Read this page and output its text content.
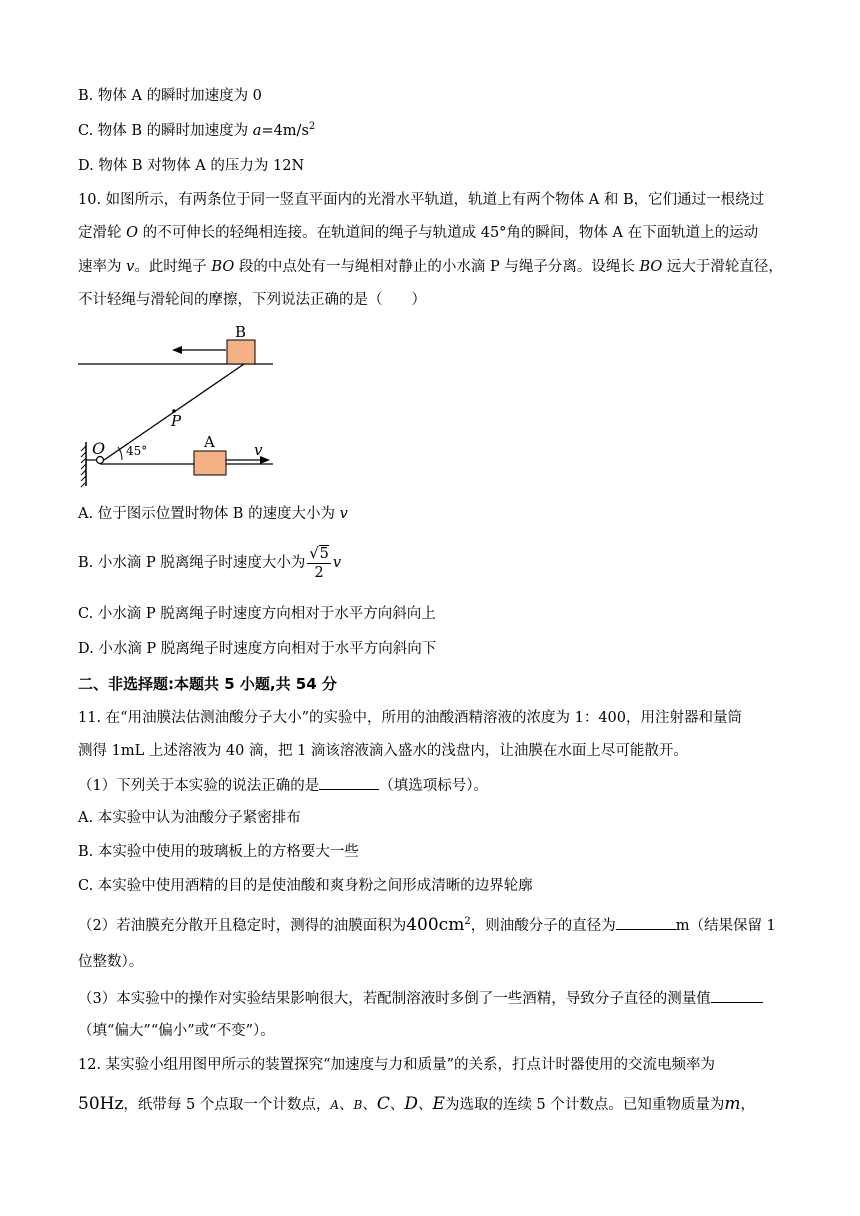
B. 物体 A 的瞬时加速度为 0
C. 物体 B 的瞬时加速度为 $a=4m/s^2$
D. 物体 B 对物体 A 的压力为 12N
10. 如图所示，有两条位于同一竖直平面内的光滑水平轨道，轨道上有两个物体 A 和 B，它们通过一根绕过
定滑轮 O 的不可伸长的轻绳相连接。在轨道间的绳子与轨道成 45°角的瞬间，物体 A 在下面轨道上的运动
速率为 v。此时绳子 BO 段的中点处有一与绳相对静止的小水滴 P 与绳子分离。设绳长 BO 远大于滑轮直径，
不计轻绳与滑轮间的摩擦，下列说法正确的是（　　）
B
P
O 45°	A	v
A. 位于图示位置时物体 B 的速度大小为 v
B. 小水滴 P 脱离绳子时速度大小为 $\frac{√5}{2}$ v
C. 小水滴 P 脱离绳子时速度方向相对于水平方向斜向上
D. 小水滴 P 脱离绳子时速度方向相对于水平方向斜向下
二、非选择题:本题共 5 小题,共 54 分
11. 在“用油膜法估测油酸分子大小”的实验中，所用的油酸酒精溶液的浓度为 1：400，用注射器和量筒
测得 1mL 上述溶液为 40 滴，把 1 滴该溶液滴入盛水的浅盘内，让油膜在水面上尽可能散开。
（1）下列关于本实验的说法正确的是	（填选项标号）。
A. 本实验中认为油酸分子紧密排布
B. 本实验中使用的玻璃板上的方格要大一些
C. 本实验中使用酒精的目的是使油酸和爽身粉之间形成清晰的边界轮廓
（2）若油膜充分散开且稳定时，测得的油膜面积为$400cm^2$，则油酸分子的直径为	m（结果保留 1
位整数）。
（3）本实验中的操作对实验结果影响很大，若配制溶液时多倒了一些酒精，导致分子直径的测量值
（填“偏大”“偏小”或“不变”）。
12. 某实验小组用图甲所示的装置探究“加速度与力和质量”的关系，打点计时器使用的交流电频率为
50Hz，纸带每 5 个点取一个计数点，A、B、C、D、E为选取的连续 5 个计数点。已知重物质量为m，
